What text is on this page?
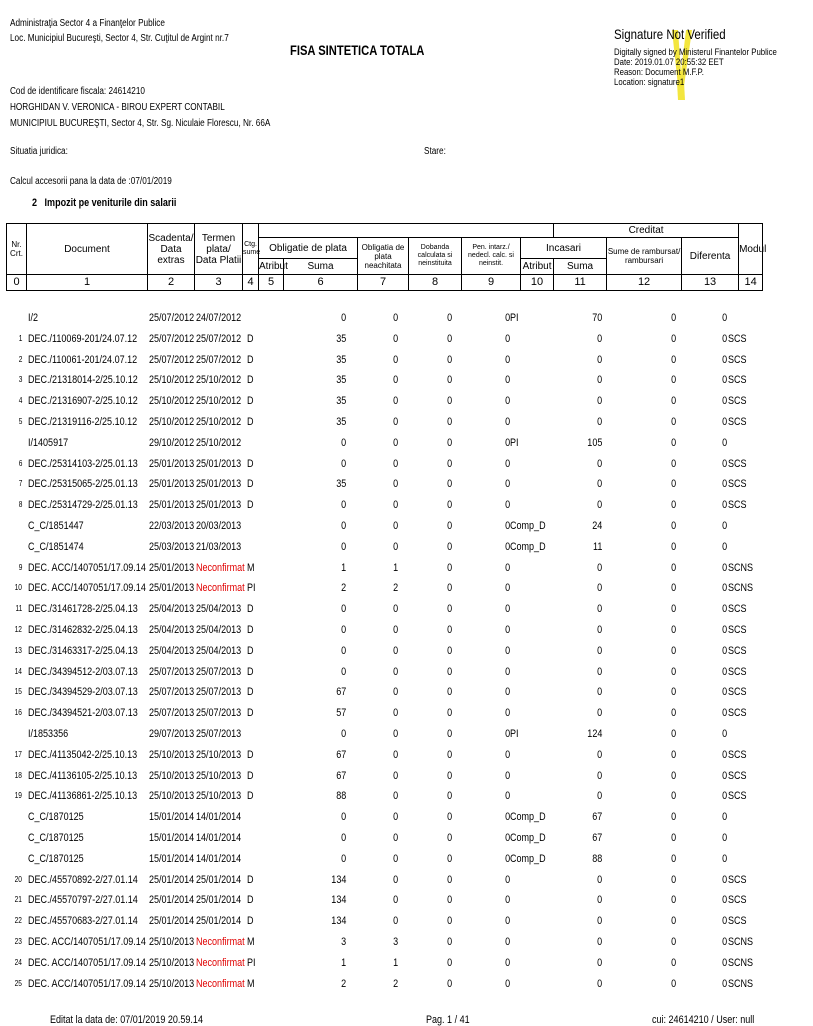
Administraţia Sector 4 a Finanţelor Publice
Loc. Municipiul Bucureşti, Sector 4, Str. Cuţitul de Argint nr.7
FISA SINTETICA TOTALA
Signature Not Verified
Digitally signed by Ministerul Finantelor Publice
Date: 2019.01.07 20:55:32 EET
Reason: Document M.F.P.
Location: signature1
Cod de identificare fiscala: 24614210
HORGHIDAN V. VERONICA - BIROU EXPERT CONTABIL
MUNICIPIUL BUCUREŞTI, Sector 4, Str. Sg. Niculaie Florescu, Nr. 66A
Situatia juridica:	Stare:
Calcul accesorii pana la data de :07/01/2019
2 Impozit pe veniturile din salarii
Nr. Crt.	Document	Scadenta/ Data extras	Termen plata/ Data Platii	Ctg. sume							Creditat			Modul
					Obligatie de plata		Obligatia de plata neachitata	Dobanda calculata si neinstituita	Pen. intarz./ nedecl. calc. si neinstit.	Incasari		Sume de rambursat/ rambursari	Diferenta	
					Atribut	Suma				Atribut	Suma			
0	1	2	3	4	5	6	7	8	9	10	11	12	13	14
I/2	25/07/2012 24/07/2012	0	0	0	0 PI	70	0	0
1 DEC./110069-201/24.07.12	25/07/2012 25/07/2012 D	35	0	0	0	0	0	0 SCS
2 DEC./110061-201/24.07.12	25/07/2012 25/07/2012 D	35	0	0	0	0	0	0 SCS
3 DEC./21318014-2/25.10.12	25/10/2012 25/10/2012 D	35	0	0	0	0	0	0 SCS
4 DEC./21316907-2/25.10.12	25/10/2012 25/10/2012 D	35	0	0	0	0	0	0 SCS
5 DEC./21319116-2/25.10.12	25/10/2012 25/10/2012 D	35	0	0	0	0	0	0 SCS
I/1405917	29/10/2012 25/10/2012	0	0	0	0 PI	105	0	0
6 DEC./25314103-2/25.01.13	25/01/2013 25/01/2013 D	0	0	0	0	0	0	0 SCS
7 DEC./25315065-2/25.01.13	25/01/2013 25/01/2013 D	35	0	0	0	0	0	0 SCS
8 DEC./25314729-2/25.01.13	25/01/2013 25/01/2013 D	0	0	0	0	0	0	0 SCS
C_C/1851447	22/03/2013 20/03/2013	0	0	0	0 Comp_D	24	0	0
C_C/1851474	25/03/2013 21/03/2013	0	0	0	0 Comp_D	11	0	0
9 DEC. ACC/1407051/17.09.14 25/01/2013 Neconfirmat M	1	1	0	0	0	0	0 SCNS
10 DEC. ACC/1407051/17.09.14 25/01/2013 Neconfirmat PI	2	2	0	0	0	0	0 SCNS
11 DEC./31461728-2/25.04.13	25/04/2013 25/04/2013 D	0	0	0	0	0	0	0 SCS
12 DEC./31462832-2/25.04.13	25/04/2013 25/04/2013 D	0	0	0	0	0	0	0 SCS
13 DEC./31463317-2/25.04.13	25/04/2013 25/04/2013 D	0	0	0	0	0	0	0 SCS
14 DEC./34394512-2/03.07.13	25/07/2013 25/07/2013 D	0	0	0	0	0	0	0 SCS
15 DEC./34394529-2/03.07.13	25/07/2013 25/07/2013 D	67	0	0	0	0	0	0 SCS
16 DEC./34394521-2/03.07.13	25/07/2013 25/07/2013 D	57	0	0	0	0	0	0 SCS
I/1853356	29/07/2013 25/07/2013	0	0	0	0 PI	124	0	0
17 DEC./41135042-2/25.10.13	25/10/2013 25/10/2013 D	67	0	0	0	0	0	0 SCS
18 DEC./41136105-2/25.10.13	25/10/2013 25/10/2013 D	67	0	0	0	0	0	0 SCS
19 DEC./41136861-2/25.10.13	25/10/2013 25/10/2013 D	88	0	0	0	0	0	0 SCS
C_C/1870125	15/01/2014 14/01/2014	0	0	0	0 Comp_D	67	0	0
C_C/1870125	15/01/2014 14/01/2014	0	0	0	0 Comp_D	67	0	0
C_C/1870125	15/01/2014 14/01/2014	0	0	0	0 Comp_D	88	0	0
20 DEC./45570892-2/27.01.14	25/01/2014 25/01/2014 D	134	0	0	0	0	0	0 SCS
21 DEC./45570797-2/27.01.14	25/01/2014 25/01/2014 D	134	0	0	0	0	0	0 SCS
22 DEC./45570683-2/27.01.14	25/01/2014 25/01/2014 D	134	0	0	0	0	0	0 SCS
23 DEC. ACC/1407051/17.09.14 25/10/2013 Neconfirmat M	3	3	0	0	0	0	0 SCNS
24 DEC. ACC/1407051/17.09.14 25/10/2013 Neconfirmat PI	1	1	0	0	0	0	0 SCNS
25 DEC. ACC/1407051/17.09.14 25/10/2013 Neconfirmat M	2	2	0	0	0	0	0 SCNS
Editat la data de: 07/01/2019 20.59.14	Pag. 1 / 41	cui: 24614210 / User: null
